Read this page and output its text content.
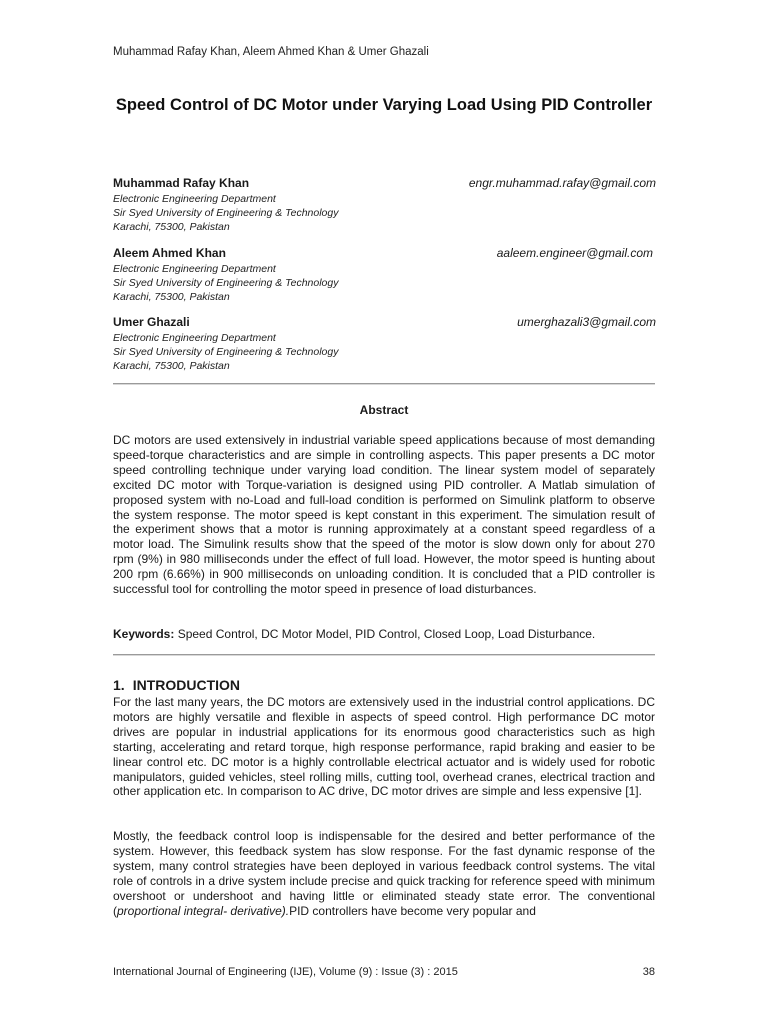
Muhammad Rafay Khan, Aleem Ahmed Khan & Umer Ghazali
Speed Control of DC Motor under Varying Load Using PID Controller
Muhammad Rafay Khan	engr.muhammad.rafay@gmail.com
Electronic Engineering Department
Sir Syed University of Engineering & Technology
Karachi, 75300, Pakistan
Aleem Ahmed Khan	aaleem.engineer@gmail.com
Electronic Engineering Department
Sir Syed University of Engineering & Technology
Karachi, 75300, Pakistan
Umer Ghazali	umerghazali3@gmail.com
Electronic Engineering Department
Sir Syed University of Engineering & Technology
Karachi, 75300, Pakistan
Abstract
DC motors are used extensively in industrial variable speed applications because of most demanding speed-torque characteristics and are simple in controlling aspects. This paper presents a DC motor speed controlling technique under varying load condition. The linear system model of separately excited DC motor with Torque-variation is designed using PID controller. A Matlab simulation of proposed system with no-Load and full-load condition is performed on Simulink platform to observe the system response. The motor speed is kept constant in this experiment. The simulation result of the experiment shows that a motor is running approximately at a constant speed regardless of a motor load. The Simulink results show that the speed of the motor is slow down only for about 270 rpm (9%) in 980 milliseconds under the effect of full load. However, the motor speed is hunting about 200 rpm (6.66%) in 900 milliseconds on unloading condition. It is concluded that a PID controller is successful tool for controlling the motor speed in presence of load disturbances.
Keywords: Speed Control, DC Motor Model, PID Control, Closed Loop, Load Disturbance.
1. INTRODUCTION
For the last many years, the DC motors are extensively used in the industrial control applications. DC motors are highly versatile and flexible in aspects of speed control. High performance DC motor drives are popular in industrial applications for its enormous good characteristics such as high starting, accelerating and retard torque, high response performance, rapid braking and easier to be linear control etc. DC motor is a highly controllable electrical actuator and is widely used for robotic manipulators, guided vehicles, steel rolling mills, cutting tool, overhead cranes, electrical traction and other application etc. In comparison to AC drive, DC motor drives are simple and less expensive [1].
Mostly, the feedback control loop is indispensable for the desired and better performance of the system. However, this feedback system has slow response. For the fast dynamic response of the system, many control strategies have been deployed in various feedback control systems. The vital role of controls in a drive system include precise and quick tracking for reference speed with minimum overshoot or undershoot and having little or eliminated steady state error. The conventional (proportional integral- derivative).PID controllers have become very popular and
International Journal of Engineering (IJE), Volume (9) : Issue (3) : 2015	38
